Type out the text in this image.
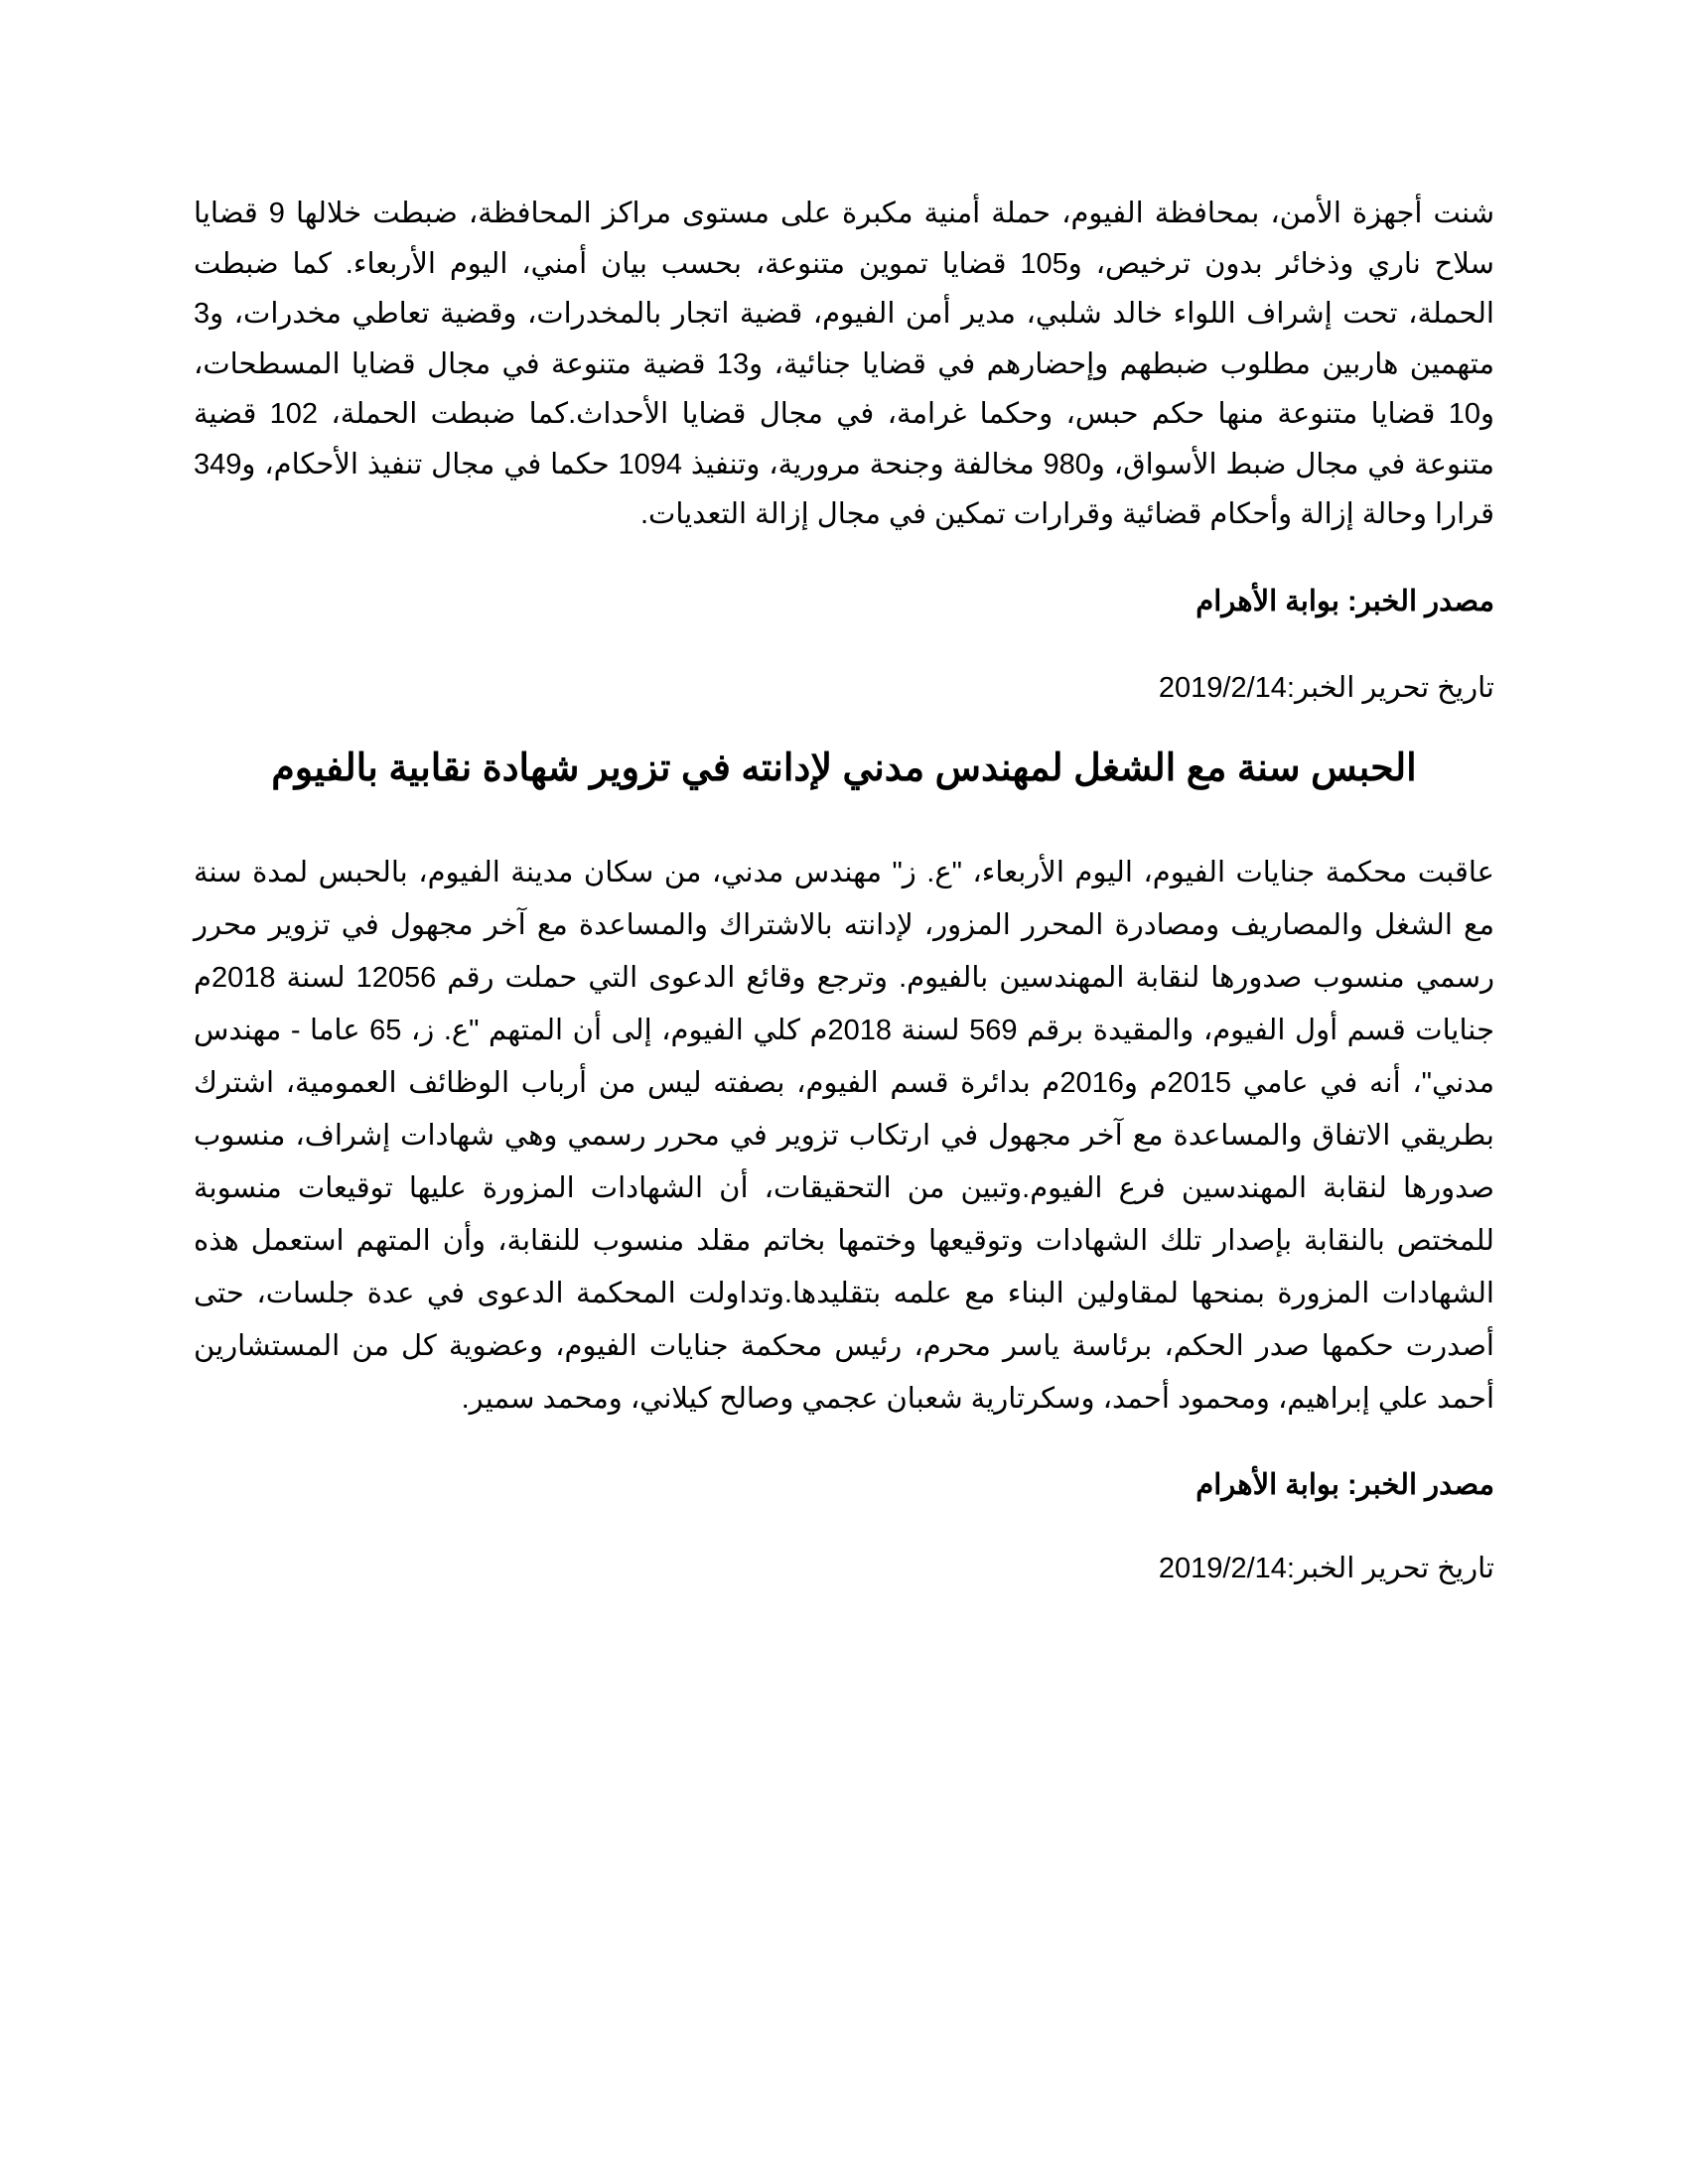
شنت أجهزة الأمن، بمحافظة الفيوم، حملة أمنية مكبرة على مستوى مراكز المحافظة، ضبطت خلالها 9 قضايا سلاح ناري وذخائر بدون ترخيص، و105 قضايا تموين متنوعة، بحسب بيان أمني، اليوم الأربعاء. كما ضبطت الحملة، تحت إشراف اللواء خالد شلبي، مدير أمن الفيوم، قضية اتجار بالمخدرات، وقضية تعاطي مخدرات، و3 متهمين هاربين مطلوب ضبطهم وإحضارهم في قضايا جنائية، و13 قضية متنوعة في مجال قضايا المسطحات، و10 قضايا متنوعة منها حكم حبس، وحكما غرامة، في مجال قضايا الأحداث.كما ضبطت الحملة، 102 قضية متنوعة في مجال ضبط الأسواق، و980 مخالفة وجنحة مرورية، وتنفيذ 1094 حكما في مجال تنفيذ الأحكام، و349 قرارا وحالة إزالة وأحكام قضائية وقرارات تمكين في مجال إزالة التعديات.

مصدر الخبر: بوابة الأهرام

تاريخ تحرير الخبر:2019/2/14

الحبس سنة مع الشغل لمهندس مدني لإدانته في تزوير شهادة نقابية بالفيوم

عاقبت محكمة جنايات الفيوم، اليوم الأربعاء، "ع. ز" مهندس مدني، من سكان مدينة الفيوم، بالحبس لمدة سنة مع الشغل والمصاريف ومصادرة المحرر المزور، لإدانته بالاشتراك والمساعدة مع آخر مجهول في تزوير محرر رسمي منسوب صدورها لنقابة المهندسين بالفيوم. وترجع وقائع الدعوى التي حملت رقم 12056 لسنة 2018م جنايات قسم أول الفيوم، والمقيدة برقم 569 لسنة 2018م كلي الفيوم، إلى أن المتهم "ع. ز، 65 عاما - مهندس مدني"، أنه في عامي 2015م و2016م بدائرة قسم الفيوم، بصفته ليس من أرباب الوظائف العمومية، اشترك بطريقي الاتفاق والمساعدة مع آخر مجهول في ارتكاب تزوير في محرر رسمي وهي شهادات إشراف، منسوب صدورها لنقابة المهندسين فرع الفيوم.وتبين من التحقيقات، أن الشهادات المزورة عليها توقيعات منسوبة للمختص بالنقابة بإصدار تلك الشهادات وتوقيعها وختمها بخاتم مقلد منسوب للنقابة، وأن المتهم استعمل هذه الشهادات المزورة بمنحها لمقاولين البناء مع علمه بتقليدها.وتداولت المحكمة الدعوى في عدة جلسات، حتى أصدرت حكمها صدر الحكم، برئاسة ياسر محرم، رئيس محكمة جنايات الفيوم، وعضوية كل من المستشارين أحمد علي إبراهيم، ومحمود أحمد، وسكرتارية شعبان عجمي وصالح كيلاني، ومحمد سمير.

مصدر الخبر: بوابة الأهرام

تاريخ تحرير الخبر:2019/2/14
